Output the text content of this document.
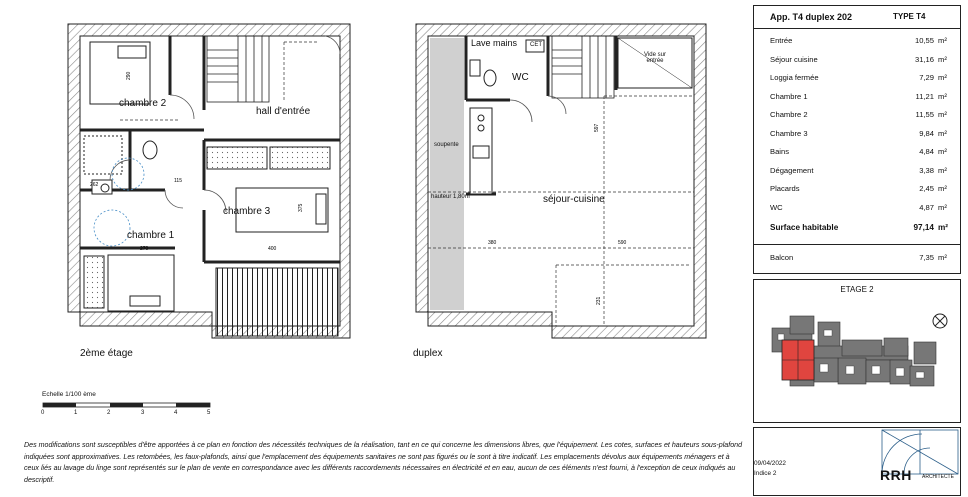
290
115
262
375
400
270
597
380	590
231
chambre 2
hall d'entrée
chambre 3
chambre 1
2ème étage
Lave mains CET
WC
Vide sur entrée
séjour-cuisine
soupente
hauteur 1,80m
duplex
Echelle 1/100 ème
0	1	2	3	4	5
App. T4 duplex 202	TYPE T4
Entrée	10,55 m²
Séjour cuisine	31,16 m²
Loggia fermée	7,29 m²
Chambre 1	11,21 m²
Chambre 2	11,55 m²
Chambre 3	9,84 m²
Bains	4,84 m²
Dégagement	3,38 m²
Placards	2,45 m²
WC	4,87 m²
Surface habitable	97,14 m²
Balcon	7,35 m²
ETAGE 2
09/04/2022
Indice 2	RRH ARCHITECTE
Des modifications sont susceptibles d'être apportées à ce plan en fonction des nécessités techniques de la réalisation, tant en ce qui concerne les dimensions libres, que l'équipement. Les cotes, surfaces et hauteurs sous-plafond indiquées sont approximatives. Les retombées, les faux-plafonds, ainsi que l'emplacement des équipements sanitaires ne sont pas figurés ou le sont à titre indicatif. Les emplacements dévolus aux équipements ménagers et à ceux liés au lavage du linge sont représentés sur le plan de vente en correspondance avec les différents raccordements nécessaires en électricité et en eau, aucun de ces éléments n'est fourni, à l'exception de ceux indiqués au descriptif.
